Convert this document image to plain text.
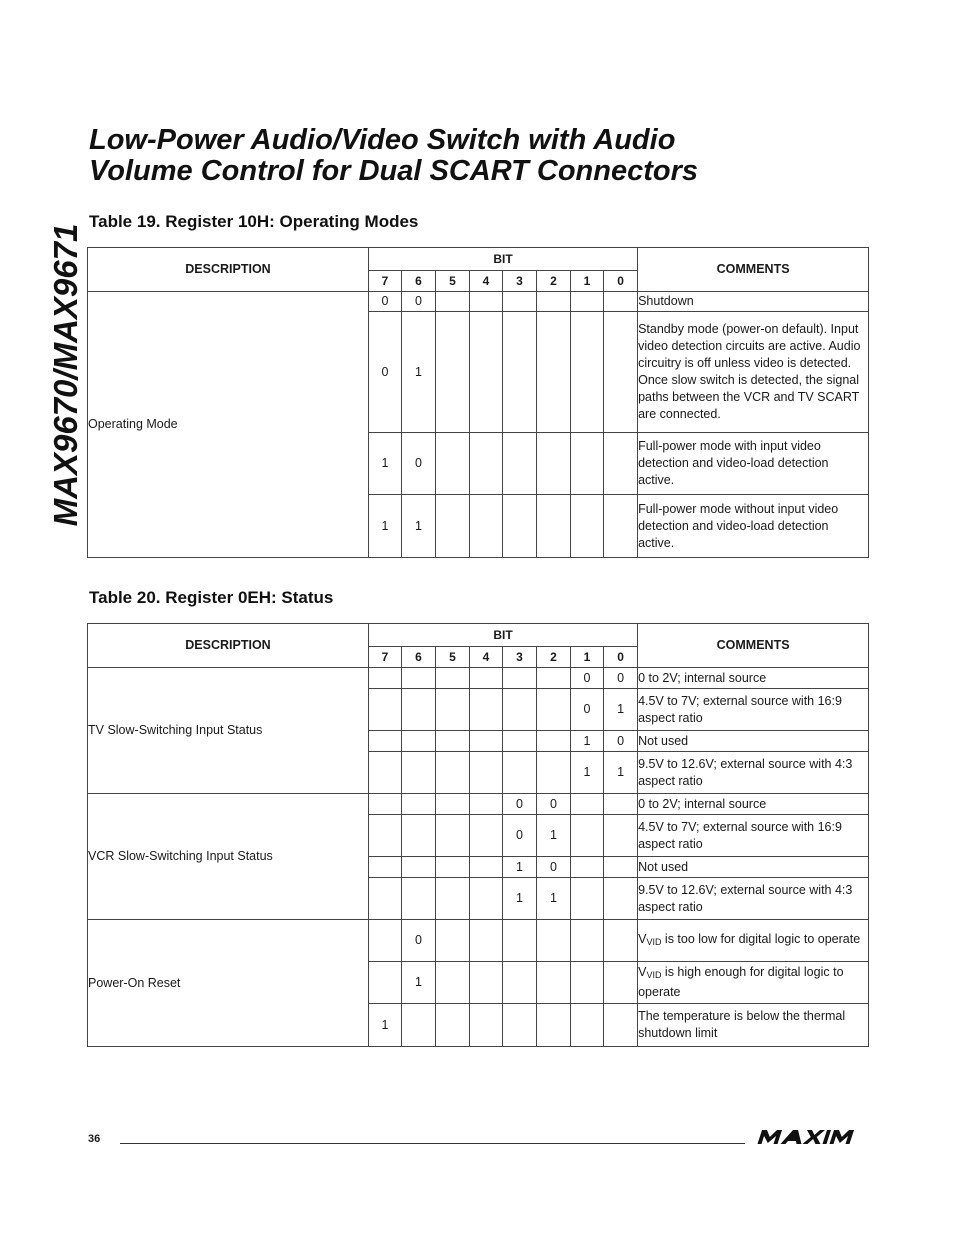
MAX9670/MAX9671
Low-Power Audio/Video Switch with Audio
Volume Control for Dual SCART Connectors
Table 19. Register 10H: Operating Modes
DESCRIPTION	BIT								COMMENTS
	7	6	5	4	3	2	1	0	
Operating Mode	0	0							Shutdown
	0	1							Standby mode (power-on default). Input video detection circuits are active. Audio circuitry is off unless video is detected. Once slow switch is detected, the signal paths between the VCR and TV SCART are connected.
	1	0							Full-power mode with input video detection and video-load detection active.
	1	1							Full-power mode without input video detection and video-load detection active.
Table 20. Register 0EH: Status
DESCRIPTION	BIT								COMMENTS
	7	6	5	4	3	2	1	0	
TV Slow-Switching Input Status							0	0	0 to 2V; internal source
							0	1	4.5V to 7V; external source with 16:9 aspect ratio
							1	0	Not used
							1	1	9.5V to 12.6V; external source with 4:3 aspect ratio
VCR Slow-Switching Input Status					0	0			0 to 2V; internal source
					0	1			4.5V to 7V; external source with 16:9 aspect ratio
					1	0			Not used
					1	1			9.5V to 12.6V; external source with 4:3 aspect ratio
Power-On Reset		0							$V_{VID}$ is too low for digital logic to operate
		1							$V_{VID}$ is high enough for digital logic to operate
	1								The temperature is below the thermal shutdown limit
36
